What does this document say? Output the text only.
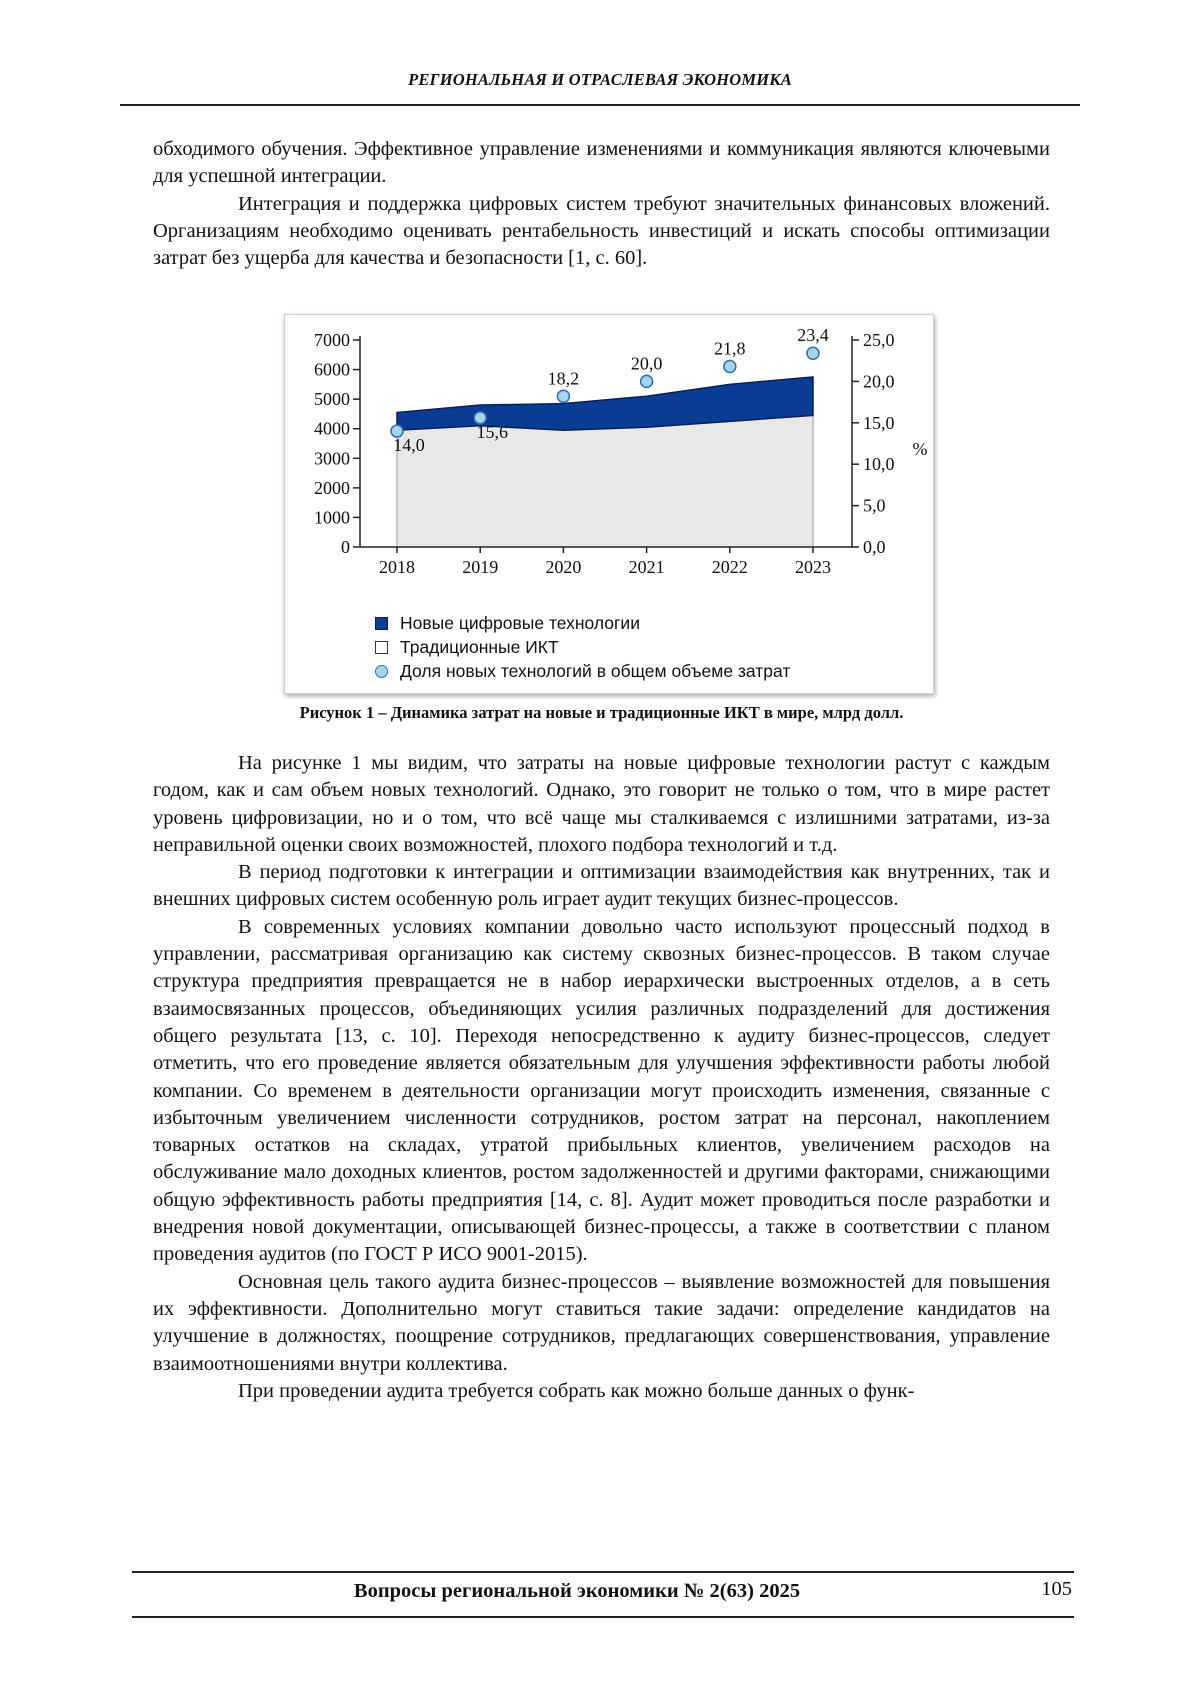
РЕГИОНАЛЬНАЯ И ОТРАСЛЕВАЯ ЭКОНОМИКА

обходимого обучения. Эффективное управление изменениями и коммуникация являются ключевыми для успешной интеграции.

Интеграция и поддержка цифровых систем требуют значительных финансовых вложений. Организациям необходимо оценивать рентабельность инвестиций и искать способы оптимизации затрат без ущерба для качества и безопасности [1, с. 60].

0
1000
2000
3000
4000
5000
6000
7000
2018	2019	2020	2021	2022	2023
0,0
5,0
10,0
15,0
20,0
25,0
%
14,0
15,6
18,2
20,0
21,8
23,4
Новые цифровые технологии
Традиционные ИКТ
Доля новых технологий в общем объеме затрат
Рисунок 1 – Динамика затрат на новые и традиционные ИКТ в мире, млрд долл.

На рисунке 1 мы видим, что затраты на новые цифровые технологии растут с каждым годом, как и сам объем новых технологий. Однако, это говорит не только о том, что в мире растет уровень цифровизации, но и о том, что всё чаще мы сталкиваемся с излишними затратами, из-за неправильной оценки своих возможностей, плохого подбора технологий и т.д.

В период подготовки к интеграции и оптимизации взаимодействия как внутренних, так и внешних цифровых систем особенную роль играет аудит текущих бизнес-процессов.

В современных условиях компании довольно часто используют процессный подход в управлении, рассматривая организацию как систему сквозных бизнес-процессов. В таком случае структура предприятия превращается не в набор иерархически выстроенных отделов, а в сеть взаимосвязанных процессов, объединяющих усилия различных подразделений для достижения общего результата [13, с. 10]. Переходя непосредственно к аудиту бизнес-процессов, следует отметить, что его проведение является обязательным для улучшения эффективности работы любой компании. Со временем в деятельности организации могут происходить изменения, связанные с избыточным увеличением численности сотрудников, ростом затрат на персонал, накоплением товарных остатков на складах, утратой прибыльных клиентов, увеличением расходов на обслуживание мало доходных клиентов, ростом задолженностей и другими факторами, снижающими общую эффективность работы предприятия [14, с. 8]. Аудит может проводиться после разработки и внедрения новой документации, описывающей бизнес-процессы, а также в соответствии с планом проведения аудитов (по ГОСТ Р ИСО 9001-2015).

Основная цель такого аудита бизнес-процессов – выявление возможностей для повышения их эффективности. Дополнительно могут ставиться такие задачи: определение кандидатов на улучшение в должностях, поощрение сотрудников, предлагающих совершенствования, управление взаимоотношениями внутри коллектива.

При проведении аудита требуется собрать как можно больше данных о функ-

Вопросы региональной экономики № 2(63) 2025	105
